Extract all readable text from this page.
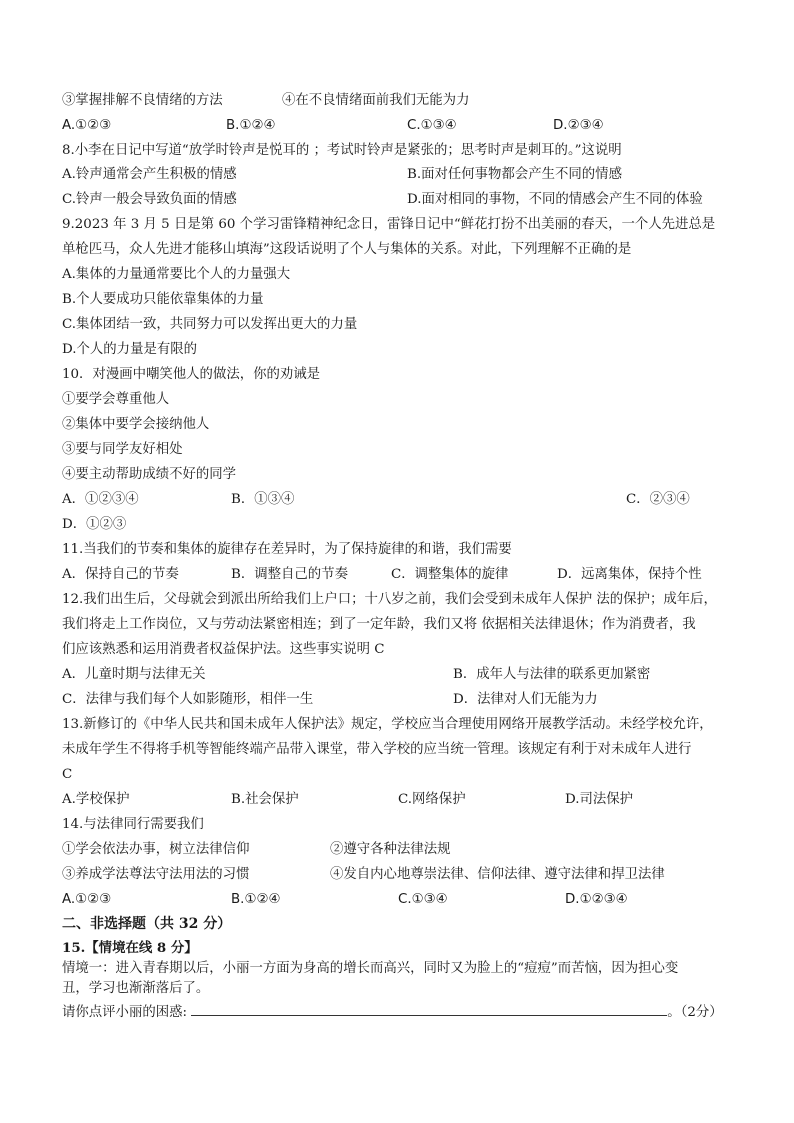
③掌握排解不良情绪的方法	④在不良情绪面前我们无能为力
A.①②③	B.①②④	C.①③④	D.②③④
8.小李在日记中写道“放学时铃声是悦耳的 ；考试时铃声是紧张的；思考时声是刺耳的。”这说明
A.铃声通常会产生积极的情感	B.面对任何事物都会产生不同的情感
C.铃声一般会导致负面的情感	D.面对相同的事物，不同的情感会产生不同的体验
9.2023 年 3 月 5 日是第 60 个学习雷锋精神纪念日，雷锋日记中“鲜花打扮不出美丽的春天，一个人先进总是
单枪匹马，众人先进才能移山填海”这段话说明了个人与集体的关系。对此，下列理解不正确的是
A.集体的力量通常要比个人的力量强大
B.个人要成功只能依靠集体的力量
C.集体团结一致，共同努力可以发挥出更大的力量
D.个人的力量是有限的
10．对漫画中嘲笑他人的做法，你的劝诫是
①要学会尊重他人
②集体中要学会接纳他人
③要与同学友好相处
④要主动帮助成绩不好的同学
A．①②③④	B．①③④	C．②③④
D．①②③
11.当我们的节奏和集体的旋律存在差异时，为了保持旋律的和谐，我们需要
A．保持自己的节奏	B．调整自己的节奏	C．调整集体的旋律	D．远离集体，保持个性
12.我们出生后，父母就会到派出所给我们上户口；十八岁之前，我们会受到未成年人保护 法的保护；成年后，
我们将走上工作岗位，又与劳动法紧密相连；到了一定年龄，我们又将 依据相关法律退休；作为消费者，我
们应该熟悉和运用消费者权益保护法。这些事实说明 C
A．儿童时期与法律无关	B．成年人与法律的联系更加紧密
C．法律与我们每个人如影随形，相伴一生	D．法律对人们无能为力
13.新修订的《中华人民共和国未成年人保护法》规定，学校应当合理使用网络开展教学活动。未经学校允许，
未成年学生不得将手机等智能终端产品带入课堂，带入学校的应当统一管理。该规定有利于对未成年人进行
C
A.学校保护	B.社会保护	C.网络保护	D.司法保护
14.与法律同行需要我们
①学会依法办事，树立法律信仰	②遵守各种法律法规
③养成学法尊法守法用法的习惯	④发自内心地尊崇法律、信仰法律、遵守法律和捍卫法律
A.①②③	B.①②④	C.①③④	D.①②③④
二、非选择题（共 32 分）
15.【情境在线 8 分】
情境一：进入青春期以后，小丽一方面为身高的增长而高兴，同时又为脸上的“痘痘”而苦恼，因为担心变
丑，学习也渐渐落后了。
请你点评小丽的困惑:	。（2分）
